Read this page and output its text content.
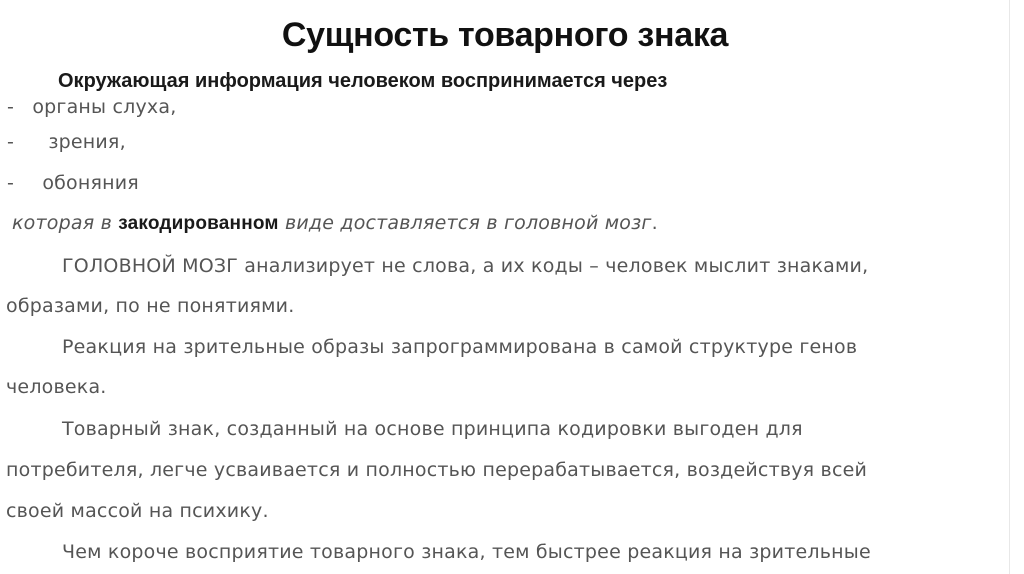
Сущность товарного знака
Окружающая информация человеком воспринимается через
- органы слуха,
- зрения,
- обоняния
которая в закодированном виде доставляется в головной мозг.
ГОЛОВНОЙ МОЗГ анализирует не слова, а их коды – человек мыслит знаками,
образами, по не понятиями.
Реакция на зрительные образы запрограммирована в самой структуре генов
человека.
Товарный знак, созданный на основе принципа кодировки выгоден для
потребителя, легче усваивается и полностью перерабатывается, воздействуя всей
своей массой на психику.
Чем короче восприятие товарного знака, тем быстрее реакция на зрительные
